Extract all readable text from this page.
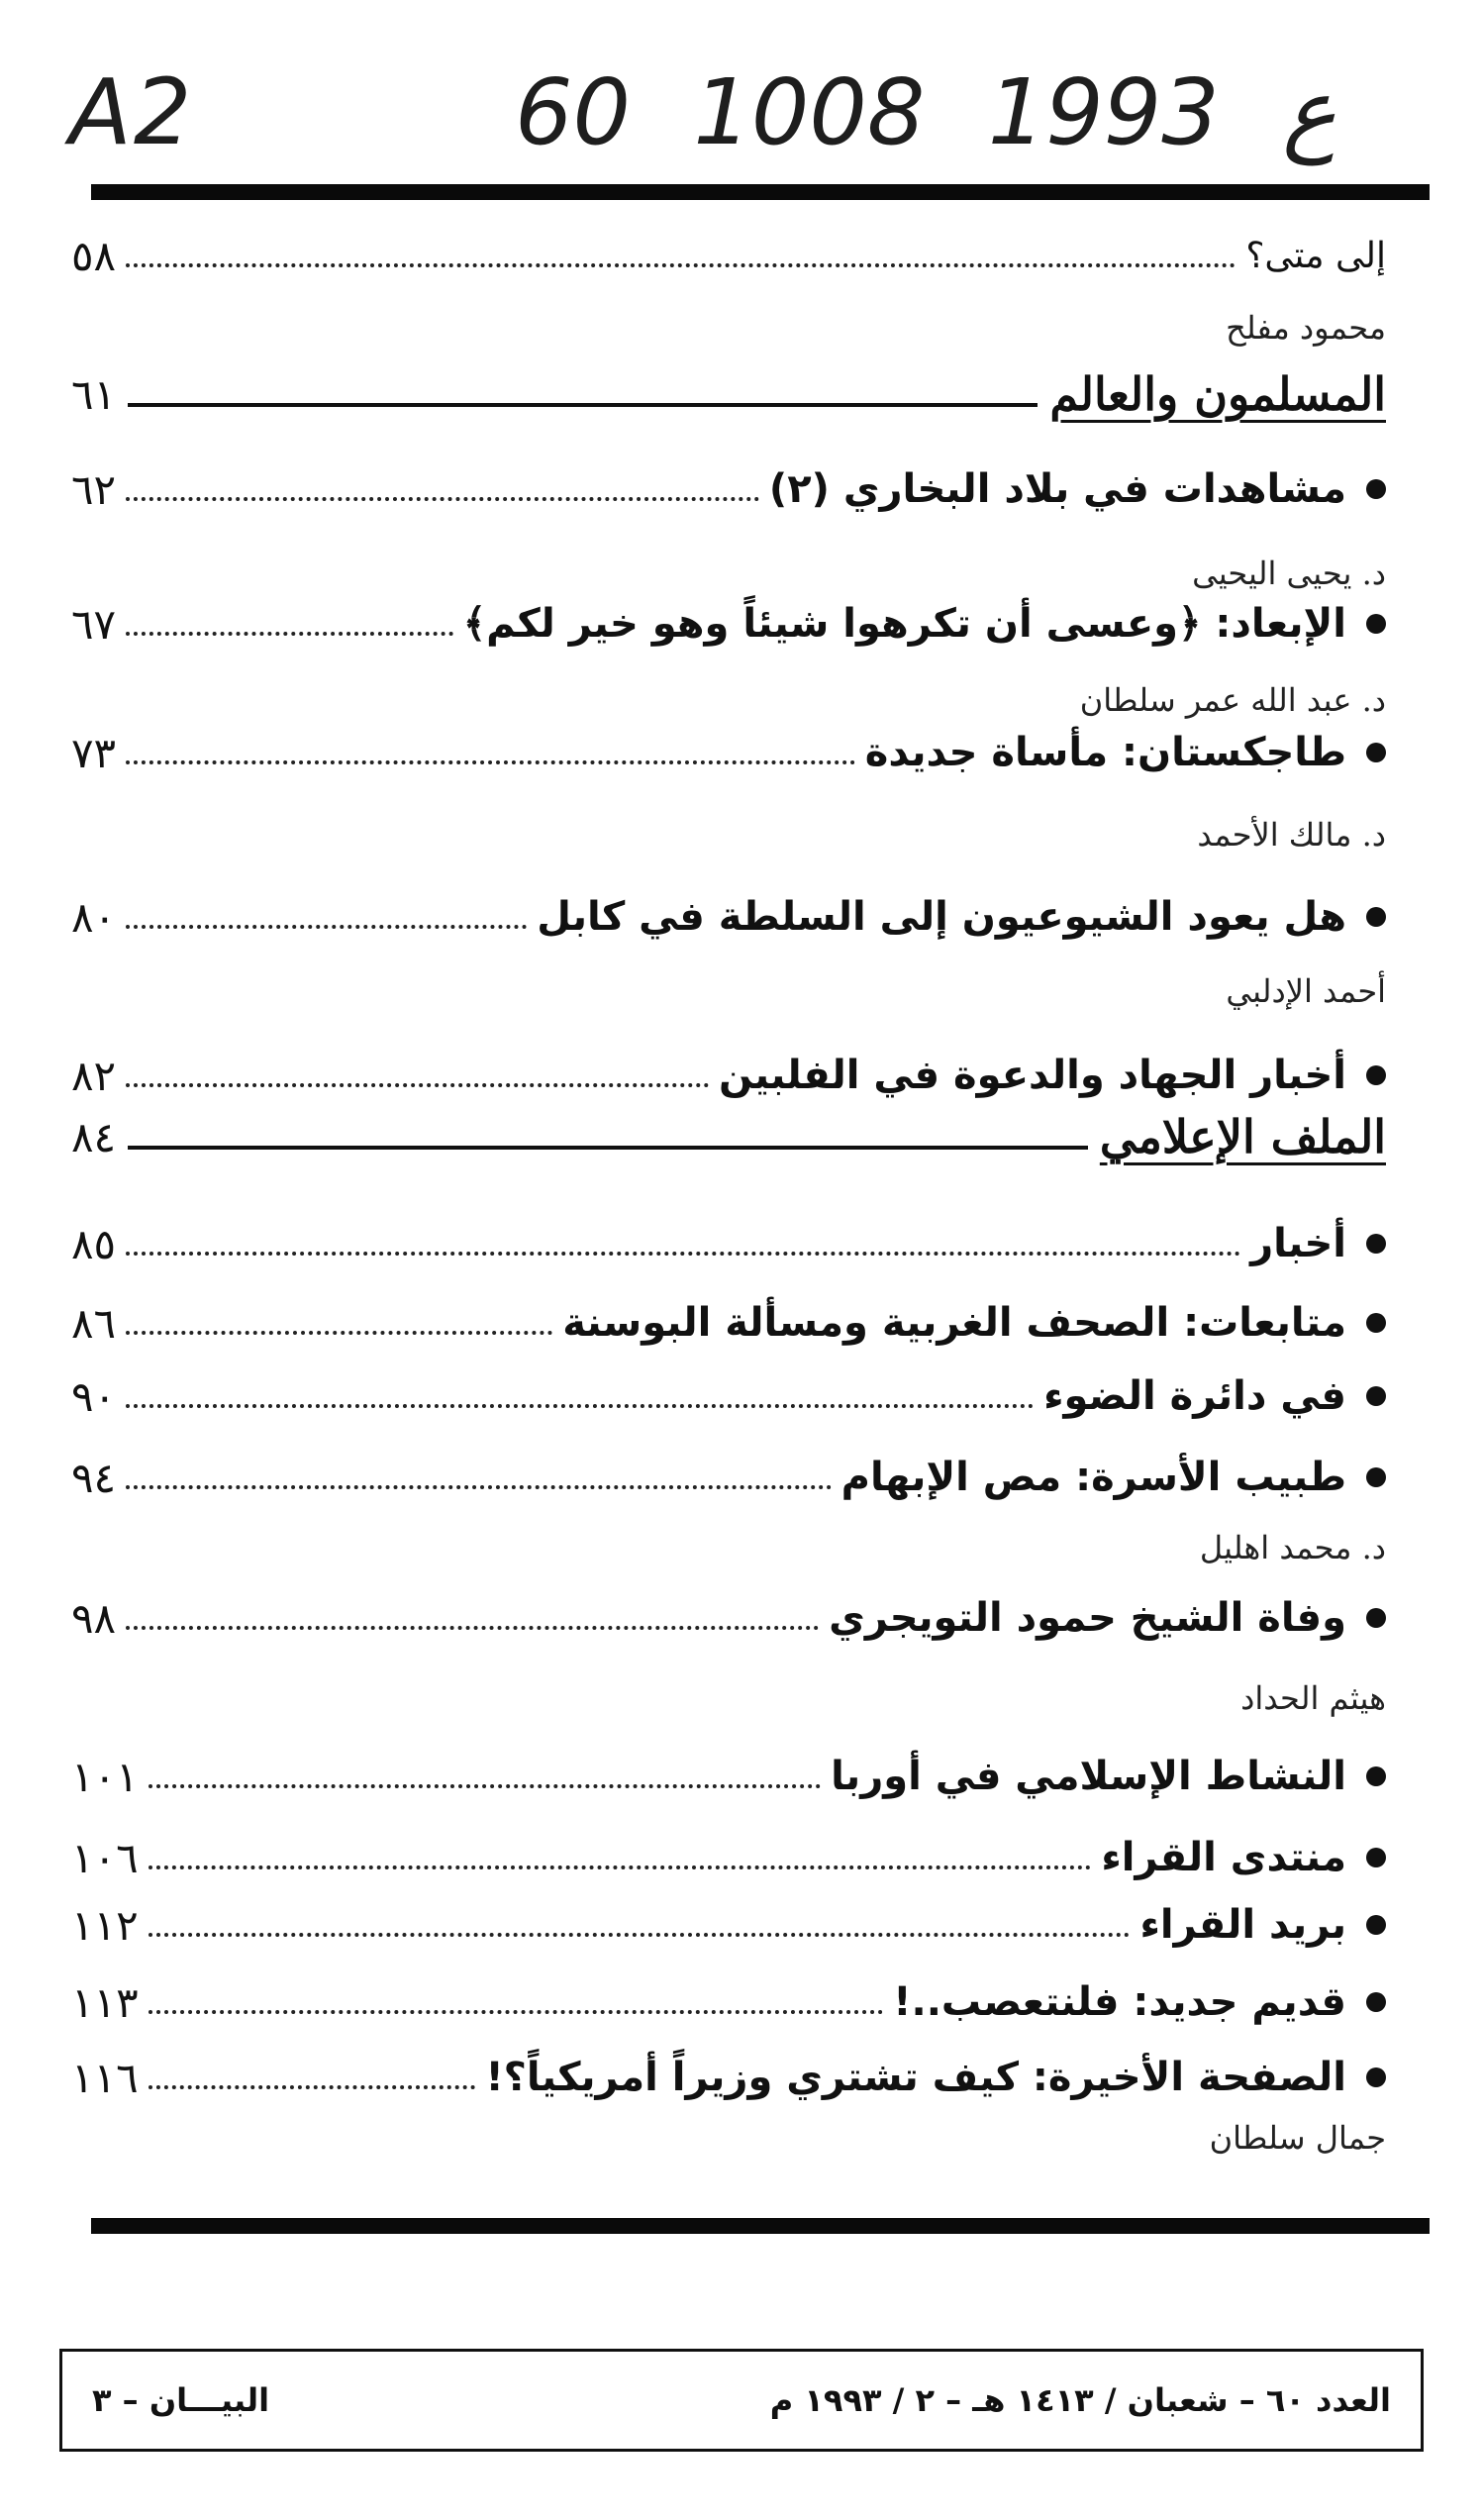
A2	60 ع 1993 1008
إلى متى؟
٥٨
محمود مفلح
المسلمون والعالم
٦١
مشاهدات في بلاد البخاري (٢)
٦٢
د. يحيى اليحيى
الإبعاد: ﴿وعسى أن تكرهوا شيئاً وهو خير لكم﴾
٦٧
د. عبد الله عمر سلطان
طاجكستان: مأساة جديدة
٧٣
د. مالك الأحمد
هل يعود الشيوعيون إلى السلطة في كابل
٨٠
أحمد الإدلبي
أخبار الجهاد والدعوة في الفلبين
٨٢
الملف الإعلامي
٨٤
أخبار
٨٥
متابعات: الصحف الغربية ومسألة البوسنة
٨٦
في دائرة الضوء
٩٠
طبيب الأسرة: مص الإبهام
٩٤
د. محمد اهليل
وفاة الشيخ حمود التويجري
٩٨
هيثم الحداد
النشاط الإسلامي في أوربا
١٠١
منتدى القراء
١٠٦
بريد القراء
١١٢
قديم جديد: فلنتعصب..!
١١٣
الصفحة الأخيرة: كيف تشتري وزيراً أمريكياً؟!
١١٦
جمال سلطان
العدد ٦٠ – شعبان / ١٤١٣ هـ – ٢ / ١٩٩٣ م
البيـــان – ٣
